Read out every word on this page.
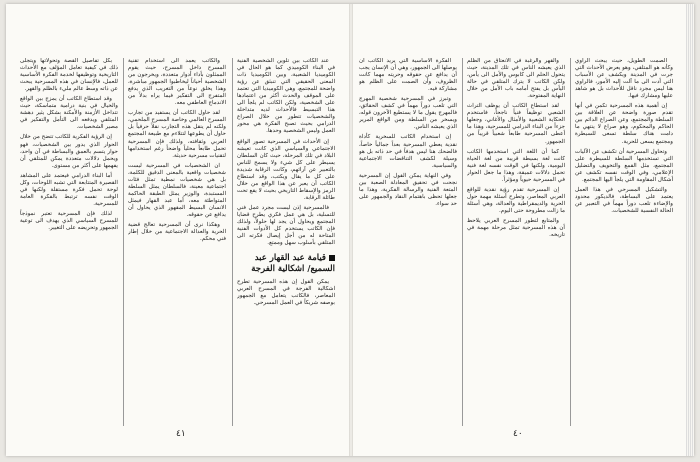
عند الكاتب بين تلوين الشخصية الفنية في البناء الكوميدي كما هو الحال في الكوميديا الشعبية، وبين الكوميديا ذات المعنى الحقيقي التي تنبثق عن رؤية واضحة للمجتمع، وهي الكوميديا التي تعتمد على الموقف والحدث أكثر من اعتمادها على الشخصية، ولكن الكاتب لم يلجأ الى هذا التبسيط فالأحداث لديه متداخلة والشخصيات تتطور من خلال الصراع الدرامي بحيث تصبح الفكرة هي محور العمل وليس الشخصية وحدها.

إن الأحداث في المسرحية تصور الواقع الاجتماعي والسياسي الذي كانت تعيشه البلاد في تلك المرحلة، حيث كان السلطان يسيطر على كل شيء ولا يسمح للناس بالتعبير عن آرائهم، وكانت الرقابة شديدة على كل ما يقال ويكتب، وقد استطاع الكاتب أن يعبر عن هذا الواقع من خلال الرمز والإسقاط التاريخي بحيث لا يقع تحت طائلة الرقابة.

فالمسرحية إذن ليست مجرد عمل فني للتسلية، بل هي عمل فكري يطرح قضايا المجتمع ويحاول أن يجد لها حلولاً، ولذلك فإن الكاتب يستخدم كل الأدوات الفنية المتاحة له من أجل إيصال فكرته الى المتلقي بأسلوب سهل وممتع.

قيامة عبد القهار عبد السميع/ اشكالية الفرجة

يمكن القول إن هذه المسرحية تطرح اشكالية الفرجة في المسرح العربي المعاصر، فالكاتب يتعامل مع الجمهور بوصفه شريكاً في العمل المسرحي.

والكاتب يعمد الى استخدام تقنية المسرح داخل المسرح، حيث يقوم الممثلون بأداء أدوار متعددة، ويخرجون من الشخصية أحياناً ليخاطبوا الجمهور مباشرة، وهذا يخلق نوعاً من التغريب الذي يدفع المتفرج الى التفكير فيما يراه بدلاً من الاندماج العاطفي معه.

لقد حاول الكاتب أن يستفيد من تجارب المسرح العالمي وخاصة المسرح الملحمي، ولكنه لم ينقل هذه التجارب نقلاً حرفياً بل حاول أن يطوعها لتتلاءم مع طبيعة المجتمع العربي وثقافته، ولذلك فإن المسرحية تحمل طابعاً محلياً واضحاً رغم استخدامها لتقنيات مسرحية حديثة.

ان الشخصيات في المسرحية ليست شخصيات واقعية بالمعنى الدقيق للكلمة، بل هي شخصيات نمطية تمثل فئات اجتماعية معينة، فالسلطان يمثل السلطة المستبدة، والوزير يمثل الطبقة الحاكمة المتواطئة معه، أما عبد القهار فيمثل الانسان البسيط المقهور الذي يحاول أن يدافع عن حقوقه.

وهكذا نرى أن المسرحية تعالج قضية الحرية والعدالة الاجتماعية من خلال إطار فني محكم.

بكل تفاصيل القصة وتحولاتها ويتجلى ذلك في كيفية تعامل المؤلف مع الأحداث التاريخية وتوظيفها لخدمة الفكرة الأساسية للعمل، فالإنسان في هذه المسرحية يبحث عن ذاته وسط عالم مليء بالظلم والقهر.

وقد استطاع الكاتب أن يمزج بين الواقع والخيال في بنية درامية متماسكة، حيث تتداخل الأزمنة والأمكنة بشكل يثير دهشة المتلقي ويدفعه الى التأمل والتفكير في مصير الشخصيات.

إن الرؤية الفكرية للكاتب تتضح من خلال الحوار الذي يدور بين الشخصيات، فهو حوار يتسم بالعمق والبساطة في آن واحد، ويحمل دلالات متعددة يمكن للمتلقي أن يفهمها على أكثر من مستوى.

أما البناء الدرامي فيعتمد على المشاهد القصيرة المتتابعة التي تشبه اللوحات، وكل لوحة تحمل فكرة مستقلة ولكنها في الوقت نفسه ترتبط بالفكرة العامة للمسرحية.

لذلك فإن المسرحية تعتبر نموذجاً للمسرح السياسي الذي يهدف الى توعية الجمهور وتحريضه على التغيير.

٤١

الصمت الطويل، حيث يبحث الراوي وكأنه هو المتلقي، وهو يعرض الأحداث التي جرت في المدينة ويكشف عن الأسباب التي أدت الى ما آلت إليه الأمور، فالراوي هنا ليس مجرد ناقل للأحداث بل هو شاهد عليها ومشارك فيها.

إن أهمية هذه المسرحية تكمن في أنها تقدم صورة واضحة عن العلاقة بين السلطة والمجتمع، وعن الصراع الدائم بين الحاكم والمحكوم، وهو صراع لا ينتهي ما دامت هناك سلطة تسعى للسيطرة ومجتمع يسعى للحرية.

وتحاول المسرحية أن تكشف عن الآليات التي تستخدمها السلطة للسيطرة على المجتمع، مثل القمع والتخويف والتضليل الإعلامي، وفي الوقت نفسه تكشف عن أشكال المقاومة التي يلجأ اليها المجتمع.

والتشكيل المسرحي في هذا العمل يعتمد على البساطة، فالديكور محدود والإضاءة تلعب دوراً مهماً في التعبير عن الحالة النفسية للشخصيات.

والقهر والرغبة في الانعتاق من الظلم الذي يعيشه الناس في تلك المدينة، حيث يتحول الحلم الى كابوس والأمل الى يأس، ولكن الكاتب لا يترك المتلقي في حالة اليأس بل يفتح أمامه باب الأمل من خلال النهاية المفتوحة.

لقد استطاع الكاتب أن يوظف التراث الشعبي توظيفاً فنياً ناجحاً، فاستخدم الحكاية الشعبية والأمثال والأغاني، وجعلها جزءاً من البناء الدرامي للمسرحية، وهذا ما أعطى المسرحية طابعاً شعبياً قريباً من الجمهور.

كما أن اللغة التي استخدمها الكاتب كانت لغة بسيطة قريبة من لغة الحياة اليومية، ولكنها في الوقت نفسه لغة فنية تحمل دلالات عميقة، وهذا ما جعل الحوار في المسرحية حيوياً ومؤثراً.

إن المسرحية تقدم رؤية نقدية للواقع العربي المعاصر، وتطرح أسئلة مهمة حول الحرية والديمقراطية والعدالة، وهي أسئلة ما زالت مطروحة حتى اليوم.

والمتابع لتطور المسرح العربي يلاحظ أن هذه المسرحية تمثل مرحلة مهمة في تاريخه.

الفكرة الأساسية التي يريد الكاتب أن يوصلها الى الجمهور، وهي أن الإنسان يجب أن يدافع عن حقوقه وحريته مهما كانت الظروف، وأن الصمت على الظلم هو مشاركة فيه.

وتبرز في المسرحية شخصية المهرج التي تلعب دوراً مهماً في كشف الحقائق، فالمهرج يقول ما لا يستطيع الآخرون قوله، ويسخر من السلطة ومن الواقع المرير الذي يعيشه الناس.

إن استخدام الكاتب للسخرية كأداة نقدية يعطي المسرحية بعداً جمالياً خاصاً، فالضحك هنا ليس هدفاً في حد ذاته بل هو وسيلة لكشف التناقضات الاجتماعية والسياسية.

وفي النهاية يمكن القول إن المسرحية نجحت في تحقيق المعادلة الصعبة بين المتعة الفنية والرسالة الفكرية، وهذا ما جعلها تحظى باهتمام النقاد والجمهور على حد سواء.

٤٠
